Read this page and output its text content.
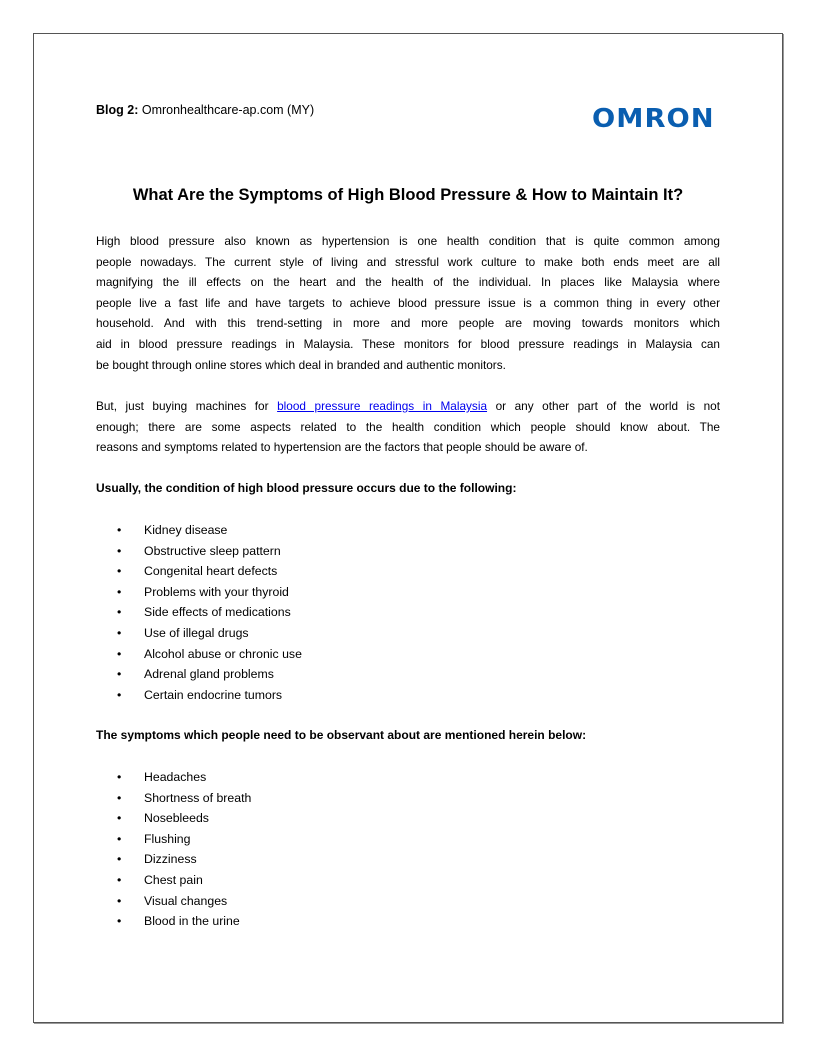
Blog 2: Omronhealthcare-ap.com (MY)	OMRON
What Are the Symptoms of High Blood Pressure & How to Maintain It?
High blood pressure also known as hypertension is one health condition that is quite common among
people nowadays. The current style of living and stressful work culture to make both ends meet are all
magnifying the ill effects on the heart and the health of the individual. In places like Malaysia where
people live a fast life and have targets to achieve blood pressure issue is a common thing in every other
household. And with this trend-setting in more and more people are moving towards monitors which
aid in blood pressure readings in Malaysia. These monitors for blood pressure readings in Malaysia can
be bought through online stores which deal in branded and authentic monitors.
But, just buying machines for blood pressure readings in Malaysia or any other part of the world is not
enough; there are some aspects related to the health condition which people should know about. The
reasons and symptoms related to hypertension are the factors that people should be aware of.
Usually, the condition of high blood pressure occurs due to the following:
• Kidney disease
• Obstructive sleep pattern
• Congenital heart defects
• Problems with your thyroid
• Side effects of medications
• Use of illegal drugs
• Alcohol abuse or chronic use
• Adrenal gland problems
• Certain endocrine tumors
The symptoms which people need to be observant about are mentioned herein below:
• Headaches
• Shortness of breath
• Nosebleeds
• Flushing
• Dizziness
• Chest pain
• Visual changes
• Blood in the urine
